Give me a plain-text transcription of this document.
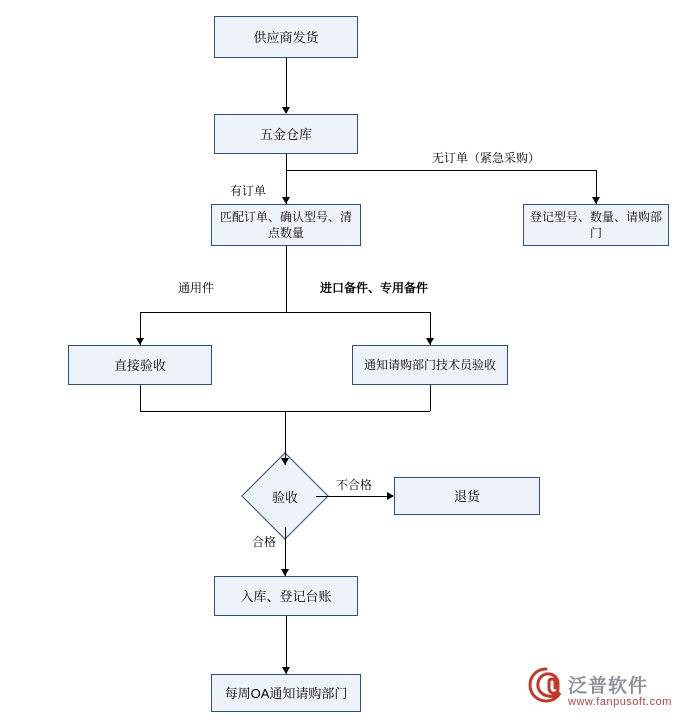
供应商发货
五金仓库
匹配订单、确认型号、清点数量
登记型号、数量、请购部门
直接验收	通知请购部门技术员验收
验收	退货
入库、登记台账
每周OA通知请购部门
有订单
无订单（紧急采购）
通用件	进口备件、专用备件
不合格
合格
泛普软件
www.fanpusoft.com
